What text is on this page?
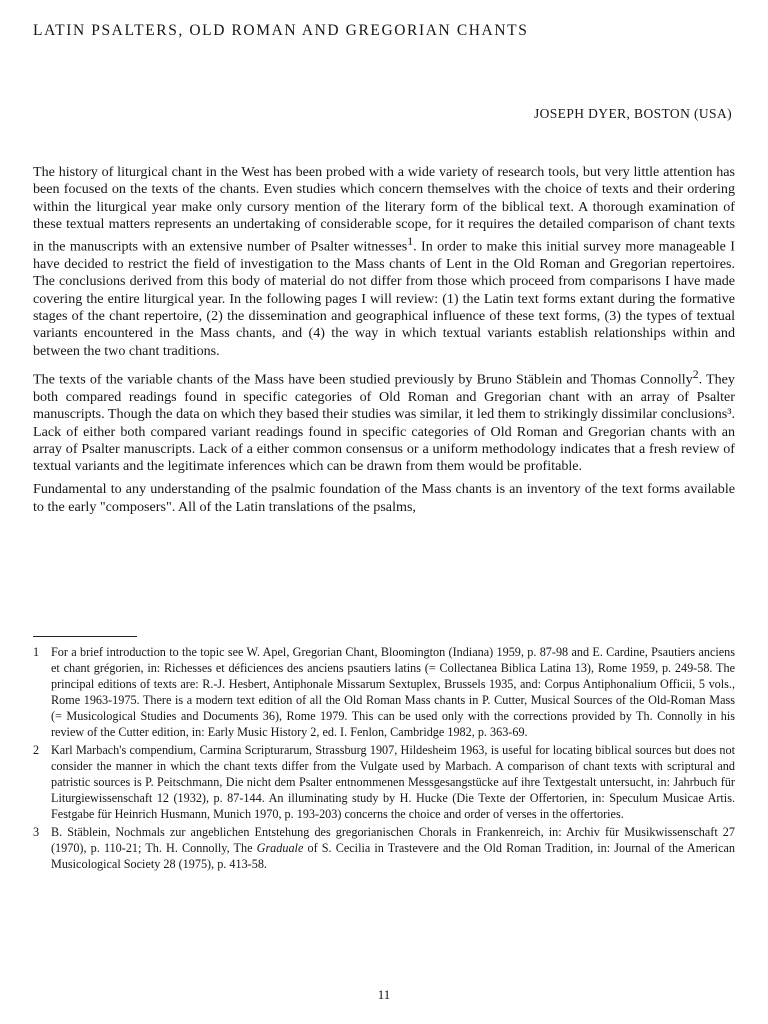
LATIN PSALTERS, OLD ROMAN AND GREGORIAN CHANTS
JOSEPH DYER, BOSTON (USA)

The history of liturgical chant in the West has been probed with a wide variety of research tools, but very little attention has been focused on the texts of the chants. Even studies which concern themselves with the choice of texts and their ordering within the liturgical year make only cursory mention of the literary form of the biblical text. A thorough examination of these textual matters represents an undertaking of considerable scope, for it requires the detailed comparison of chant texts in the manuscripts with an extensive number of Psalter witnesses$^1$. In order to make this initial survey more manageable I have decided to restrict the field of investigation to the Mass chants of Lent in the Old Roman and Gregorian repertoires. The conclusions derived from this body of material do not differ from those which proceed from comparisons I have made covering the entire liturgical year. In the following pages I will review: (1) the Latin text forms extant during the formative stages of the chant repertoire, (2) the dissemination and geographical influence of these text forms, (3) the types of textual variants encountered in the Mass chants, and (4) the way in which textual variants establish relationships within and between the two chant traditions.

The texts of the variable chants of the Mass have been studied previously by Bruno Stäblein and Thomas Connolly$^2$. They both compared readings found in specific categories of Old Roman and Gregorian chant with an array of Psalter manuscripts. Though the data on which they based their studies was similar, it led them to strikingly dissimilar conclusions³. Lack of either both compared variant readings found in specific categories of Old Roman and Gregorian chants with an array of Psalter manuscripts. Lack of a either common consensus or a uniform methodology indicates that a fresh review of textual variants and the legitimate inferences which can be drawn from them would be profitable.

Fundamental to any understanding of the psalmic foundation of the Mass chants is an inventory of the text forms available to the early "composers". All of the Latin translations of the psalms,

1 For a brief introduction to the topic see W. Apel, Gregorian Chant, Bloomington (Indiana) 1959, p. 87-98 and E. Cardine, Psautiers anciens et chant grégorien, in: Richesses et déficiences des anciens psautiers latins (= Collectanea Biblica Latina 13), Rome 1959, p. 249-58. The principal editions of texts are: R.-J. Hesbert, Antiphonale Missarum Sextuplex, Brussels 1935, and: Corpus Antiphonalium Officii, 5 vols., Rome 1963-1975. There is a modern text edition of all the Old Roman Mass chants in P. Cutter, Musical Sources of the Old-Roman Mass (= Musicological Studies and Documents 36), Rome 1979. This can be used only with the corrections provided by Th. Connolly in his review of the Cutter edition, in: Early Music History 2, ed. I. Fenlon, Cambridge 1982, p. 363-69.
2 Karl Marbach's compendium, Carmina Scripturarum, Strassburg 1907, Hildesheim 1963, is useful for locating biblical sources but does not consider the manner in which the chant texts differ from the Vulgate used by Marbach. A comparison of chant texts with scriptural and patristic sources is P. Peitschmann, Die nicht dem Psalter entnommenen Messgesangstücke auf ihre Textgestalt untersucht, in: Jahrbuch für Liturgiewissenschaft 12 (1932), p. 87-144. An illuminating study by H. Hucke (Die Texte der Offertorien, in: Speculum Musicae Artis. Festgabe für Heinrich Husmann, Munich 1970, p. 193-203) concerns the choice and order of verses in the offertories.
3 B. Stäblein, Nochmals zur angeblichen Entstehung des gregorianischen Chorals in Frankenreich, in: Archiv für Musikwissenschaft 27 (1970), p. 110-21; Th. H. Connolly, The Graduale of S. Cecilia in Trastevere and the Old Roman Tradition, in: Journal of the American Musicological Society 28 (1975), p. 413-58.
11
